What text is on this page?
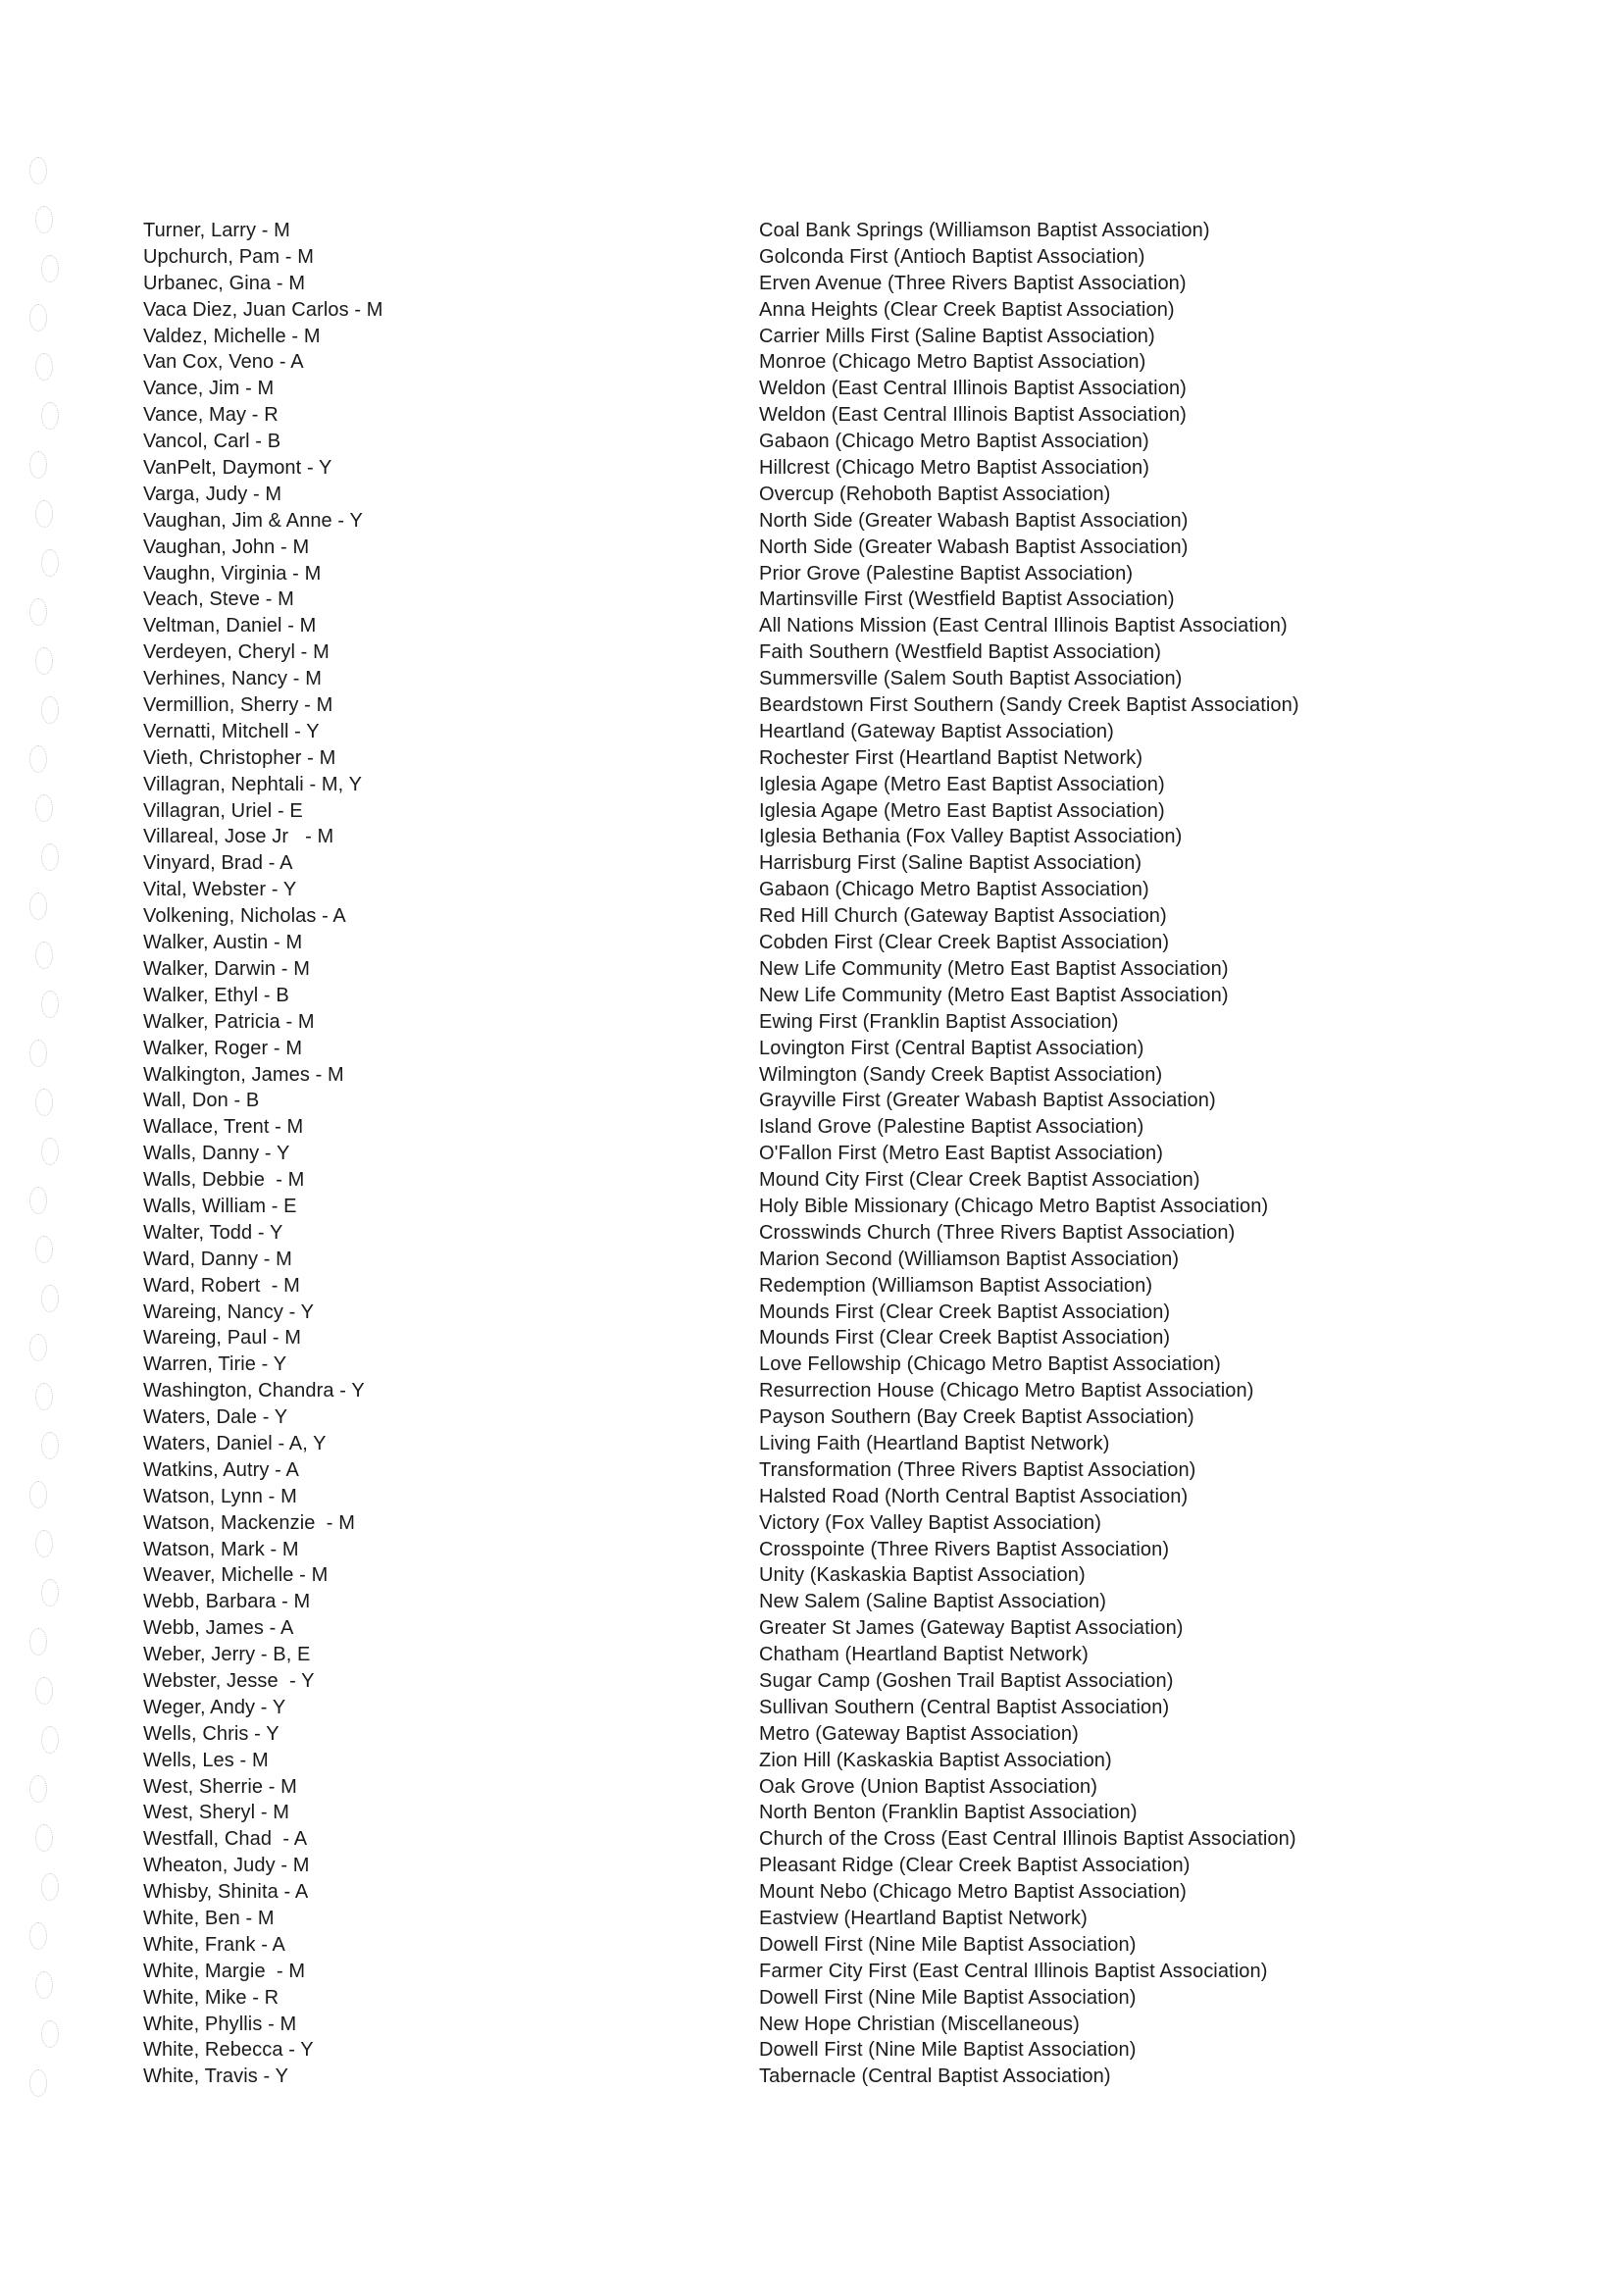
Turner, Larry - M
Upchurch, Pam - M
Urbanec, Gina - M
Vaca Diez, Juan Carlos - M
Valdez, Michelle - M
Van Cox, Veno - A
Vance, Jim - M
Vance, May - R
Vancol, Carl - B
VanPelt, Daymont - Y
Varga, Judy - M
Vaughan, Jim & Anne - Y
Vaughan, John - M
Vaughn, Virginia - M
Veach, Steve - M
Veltman, Daniel - M
Verdeyen, Cheryl - M
Verhines, Nancy - M
Vermillion, Sherry - M
Vernatti, Mitchell - Y
Vieth, Christopher - M
Villagran, Nephtali - M, Y
Villagran, Uriel - E
Villareal, Jose Jr   - M
Vinyard, Brad - A
Vital, Webster - Y
Volkening, Nicholas - A
Walker, Austin - M
Walker, Darwin - M
Walker, Ethyl - B
Walker, Patricia - M
Walker, Roger - M
Walkington, James - M
Wall, Don - B
Wallace, Trent - M
Walls, Danny - Y
Walls, Debbie  - M
Walls, William - E
Walter, Todd - Y
Ward, Danny - M
Ward, Robert  - M
Wareing, Nancy - Y
Wareing, Paul - M
Warren, Tirie - Y
Washington, Chandra - Y
Waters, Dale - Y
Waters, Daniel - A, Y
Watkins, Autry - A
Watson, Lynn - M
Watson, Mackenzie  - M
Watson, Mark - M
Weaver, Michelle - M
Webb, Barbara - M
Webb, James - A
Weber, Jerry - B, E
Webster, Jesse  - Y
Weger, Andy - Y
Wells, Chris - Y
Wells, Les - M
West, Sherrie - M
West, Sheryl - M
Westfall, Chad  - A
Wheaton, Judy - M
Whisby, Shinita - A
White, Ben - M
White, Frank - A
White, Margie  - M
White, Mike - R
White, Phyllis - M
White, Rebecca - Y
White, Travis - Y
Coal Bank Springs (Williamson Baptist Association)
Golconda First (Antioch Baptist Association)
Erven Avenue (Three Rivers Baptist Association)
Anna Heights (Clear Creek Baptist Association)
Carrier Mills First (Saline Baptist Association)
Monroe (Chicago Metro Baptist Association)
Weldon (East Central Illinois Baptist Association)
Weldon (East Central Illinois Baptist Association)
Gabaon (Chicago Metro Baptist Association)
Hillcrest (Chicago Metro Baptist Association)
Overcup (Rehoboth Baptist Association)
North Side (Greater Wabash Baptist Association)
North Side (Greater Wabash Baptist Association)
Prior Grove (Palestine Baptist Association)
Martinsville First (Westfield Baptist Association)
All Nations Mission (East Central Illinois Baptist Association)
Faith Southern (Westfield Baptist Association)
Summersville (Salem South Baptist Association)
Beardstown First Southern (Sandy Creek Baptist Association)
Heartland (Gateway Baptist Association)
Rochester First (Heartland Baptist Network)
Iglesia Agape (Metro East Baptist Association)
Iglesia Agape (Metro East Baptist Association)
Iglesia Bethania (Fox Valley Baptist Association)
Harrisburg First (Saline Baptist Association)
Gabaon (Chicago Metro Baptist Association)
Red Hill Church (Gateway Baptist Association)
Cobden First (Clear Creek Baptist Association)
New Life Community (Metro East Baptist Association)
New Life Community (Metro East Baptist Association)
Ewing First (Franklin Baptist Association)
Lovington First (Central Baptist Association)
Wilmington (Sandy Creek Baptist Association)
Grayville First (Greater Wabash Baptist Association)
Island Grove (Palestine Baptist Association)
O'Fallon First (Metro East Baptist Association)
Mound City First (Clear Creek Baptist Association)
Holy Bible Missionary (Chicago Metro Baptist Association)
Crosswinds Church (Three Rivers Baptist Association)
Marion Second (Williamson Baptist Association)
Redemption (Williamson Baptist Association)
Mounds First (Clear Creek Baptist Association)
Mounds First (Clear Creek Baptist Association)
Love Fellowship (Chicago Metro Baptist Association)
Resurrection House (Chicago Metro Baptist Association)
Payson Southern (Bay Creek Baptist Association)
Living Faith (Heartland Baptist Network)
Transformation (Three Rivers Baptist Association)
Halsted Road (North Central Baptist Association)
Victory (Fox Valley Baptist Association)
Crosspointe (Three Rivers Baptist Association)
Unity (Kaskaskia Baptist Association)
New Salem (Saline Baptist Association)
Greater St James (Gateway Baptist Association)
Chatham (Heartland Baptist Network)
Sugar Camp (Goshen Trail Baptist Association)
Sullivan Southern (Central Baptist Association)
Metro (Gateway Baptist Association)
Zion Hill (Kaskaskia Baptist Association)
Oak Grove (Union Baptist Association)
North Benton (Franklin Baptist Association)
Church of the Cross (East Central Illinois Baptist Association)
Pleasant Ridge (Clear Creek Baptist Association)
Mount Nebo (Chicago Metro Baptist Association)
Eastview (Heartland Baptist Network)
Dowell First (Nine Mile Baptist Association)
Farmer City First (East Central Illinois Baptist Association)
Dowell First (Nine Mile Baptist Association)
New Hope Christian (Miscellaneous)
Dowell First (Nine Mile Baptist Association)
Tabernacle (Central Baptist Association)
